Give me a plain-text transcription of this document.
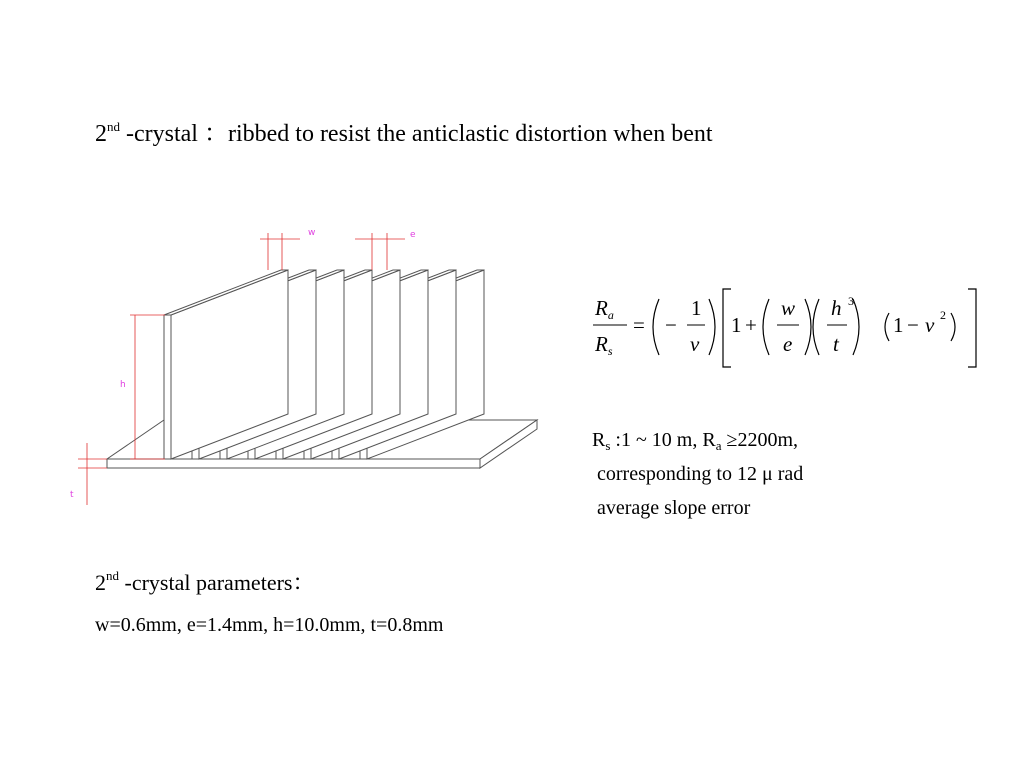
2nd -crystal ：ribbed to resist the anticlastic distortion when bent
w	e
h
t
Ra
Rs
= −
1
ν
1 +
w
e
h
t
3
1 − ν 2
$R_s$ :1 ~ 10 m, $R_a \ge 2200m$,
corresponding to 12 μ rad
average slope error
2nd -crystal parameters：
w=0.6mm, e=1.4mm, h=10.0mm, t=0.8mm
